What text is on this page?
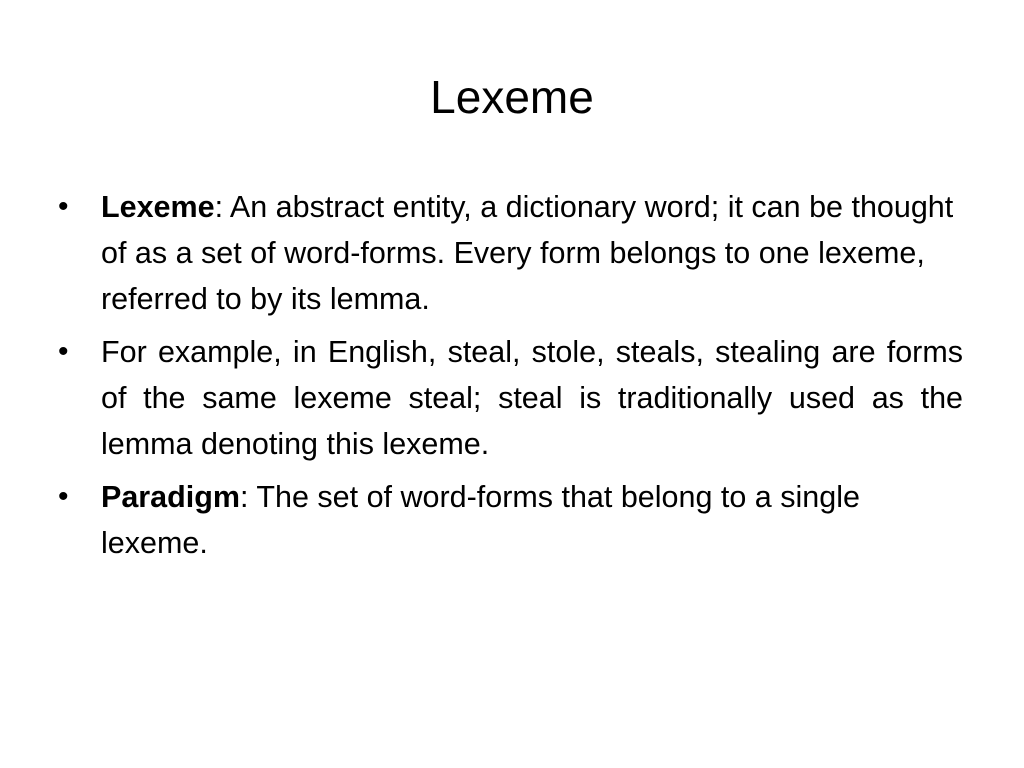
Lexeme
• Lexeme: An abstract entity, a dictionary word; it can be thought of as a set of word-forms. Every form belongs to one lexeme, referred to by its lemma.
• For example, in English, steal, stole, steals, stealing are forms of the same lexeme steal; steal is traditionally used as the lemma denoting this lexeme.
• Paradigm: The set of word-forms that belong to a single lexeme.
